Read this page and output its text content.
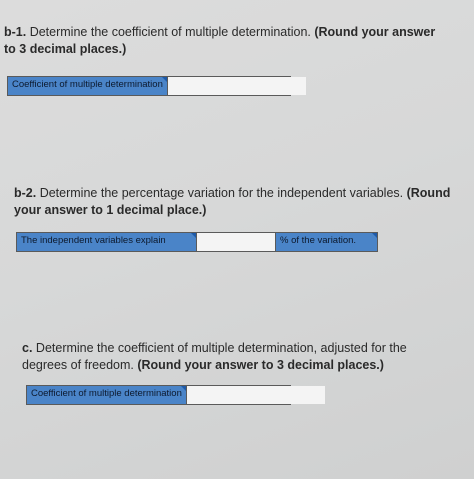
b-1. Determine the coefficient of multiple determination. (Round your answer to 3 decimal places.)

Coefficient of multiple determination

b-2. Determine the percentage variation for the independent variables. (Round your answer to 1 decimal place.)

The independent variables explain	% of the variation.

c. Determine the coefficient of multiple determination, adjusted for the degrees of freedom. (Round your answer to 3 decimal places.)

Coefficient of multiple determination
